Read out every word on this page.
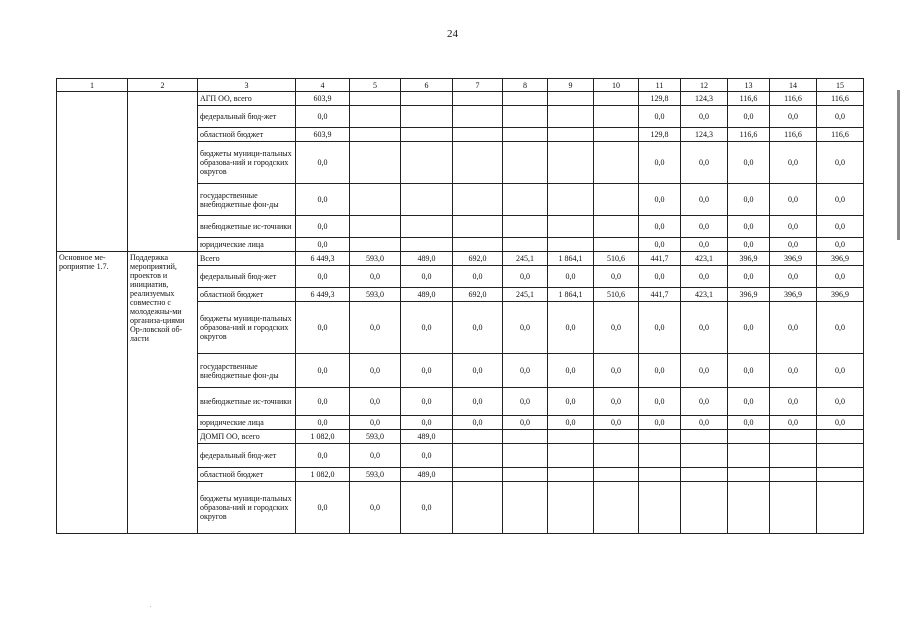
24
1	2	3	4	5	6	7	8	9	10	11	12	13	14	15
		АГП ОО, всего	603,9							129,8	124,3	116,6	116,6	116,6
		федеральный бюд-жет	0,0							0,0	0,0	0,0	0,0	0,0
		областной бюджет	603,9							129,8	124,3	116,6	116,6	116,6
		бюджеты муници-пальных образова-ний и городских округов	0,0							0,0	0,0	0,0	0,0	0,0
		государственные внебюджетные фон-ды	0,0							0,0	0,0	0,0	0,0	0,0
		внебюджетные ис-точники	0,0							0,0	0,0	0,0	0,0	0,0
		юридические лица	0,0							0,0	0,0	0,0	0,0	0,0
Основное ме-роприятие 1.7.	Поддержка мероприятий, проектов и инициатив, реализуемых совместно с молодежны-ми организа-циями Ор-ловской об-ласти	Всего	6 449,3	593,0	489,0	692,0	245,1	1 864,1	510,6	441,7	423,1	396,9	396,9	396,9
		федеральный бюд-жет	0,0	0,0	0,0	0,0	0,0	0,0	0,0	0,0	0,0	0,0	0,0	0,0
		областной бюджет	6 449,3	593,0	489,0	692,0	245,1	1 864,1	510,6	441,7	423,1	396,9	396,9	396,9
		бюджеты муници-пальных образова-ний и городских округов	0,0	0,0	0,0	0,0	0,0	0,0	0,0	0,0	0,0	0,0	0,0	0,0
		государственные внебюджетные фон-ды	0,0	0,0	0,0	0,0	0,0	0,0	0,0	0,0	0,0	0,0	0,0	0,0
		внебюджетные ис-точники	0,0	0,0	0,0	0,0	0,0	0,0	0,0	0,0	0,0	0,0	0,0	0,0
		юридические лица	0,0	0,0	0,0	0,0	0,0	0,0	0,0	0,0	0,0	0,0	0,0	0,0
		ДОМП ОО, всего	1 082,0	593,0	489,0									
		федеральный бюд-жет	0,0	0,0	0,0									
		областной бюджет	1 082,0	593,0	489,0									
		бюджеты муници-пальных образова-ний и городских округов	0,0	0,0	0,0									
